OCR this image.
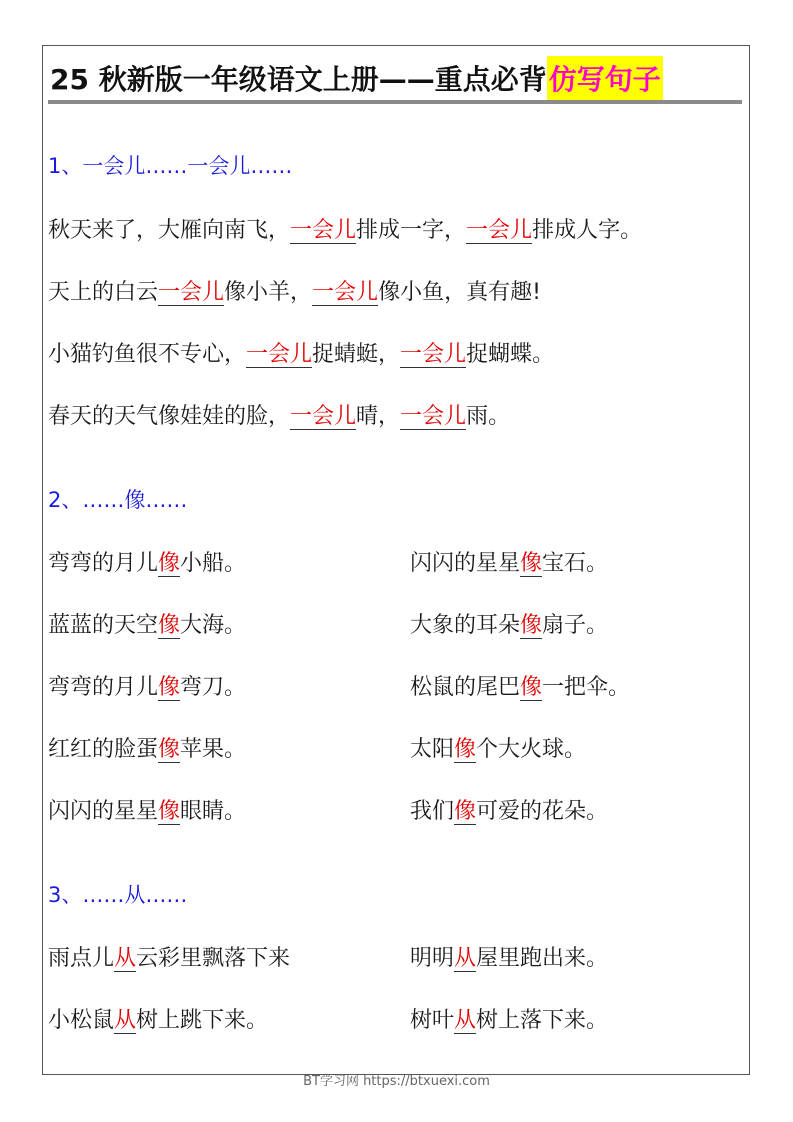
25 秋新版一年级语文上册——重点必背 仿写句子
1、一会儿……一会儿……
秋天来了，大雁向南飞，一会儿排成一字，一会儿排成人字。
天上的白云一会儿像小羊，一会儿像小鱼，真有趣!
小猫钓鱼很不专心，一会儿捉蜻蜓，一会儿捉蝴蝶。
春天的天气像娃娃的脸，一会儿晴，一会儿雨。
2、……像……
弯弯的月儿像小船。	闪闪的星星像宝石。
蓝蓝的天空像大海。	大象的耳朵像扇子。
弯弯的月儿像弯刀。	松鼠的尾巴像一把伞。
红红的脸蛋像苹果。	太阳像个大火球。
闪闪的星星像眼睛。	我们像可爱的花朵。
3、……从……
雨点儿从云彩里飘落下来	明明从屋里跑出来。
小松鼠从树上跳下来。	树叶从树上落下来。
BT学习网 https://btxuexi.com
